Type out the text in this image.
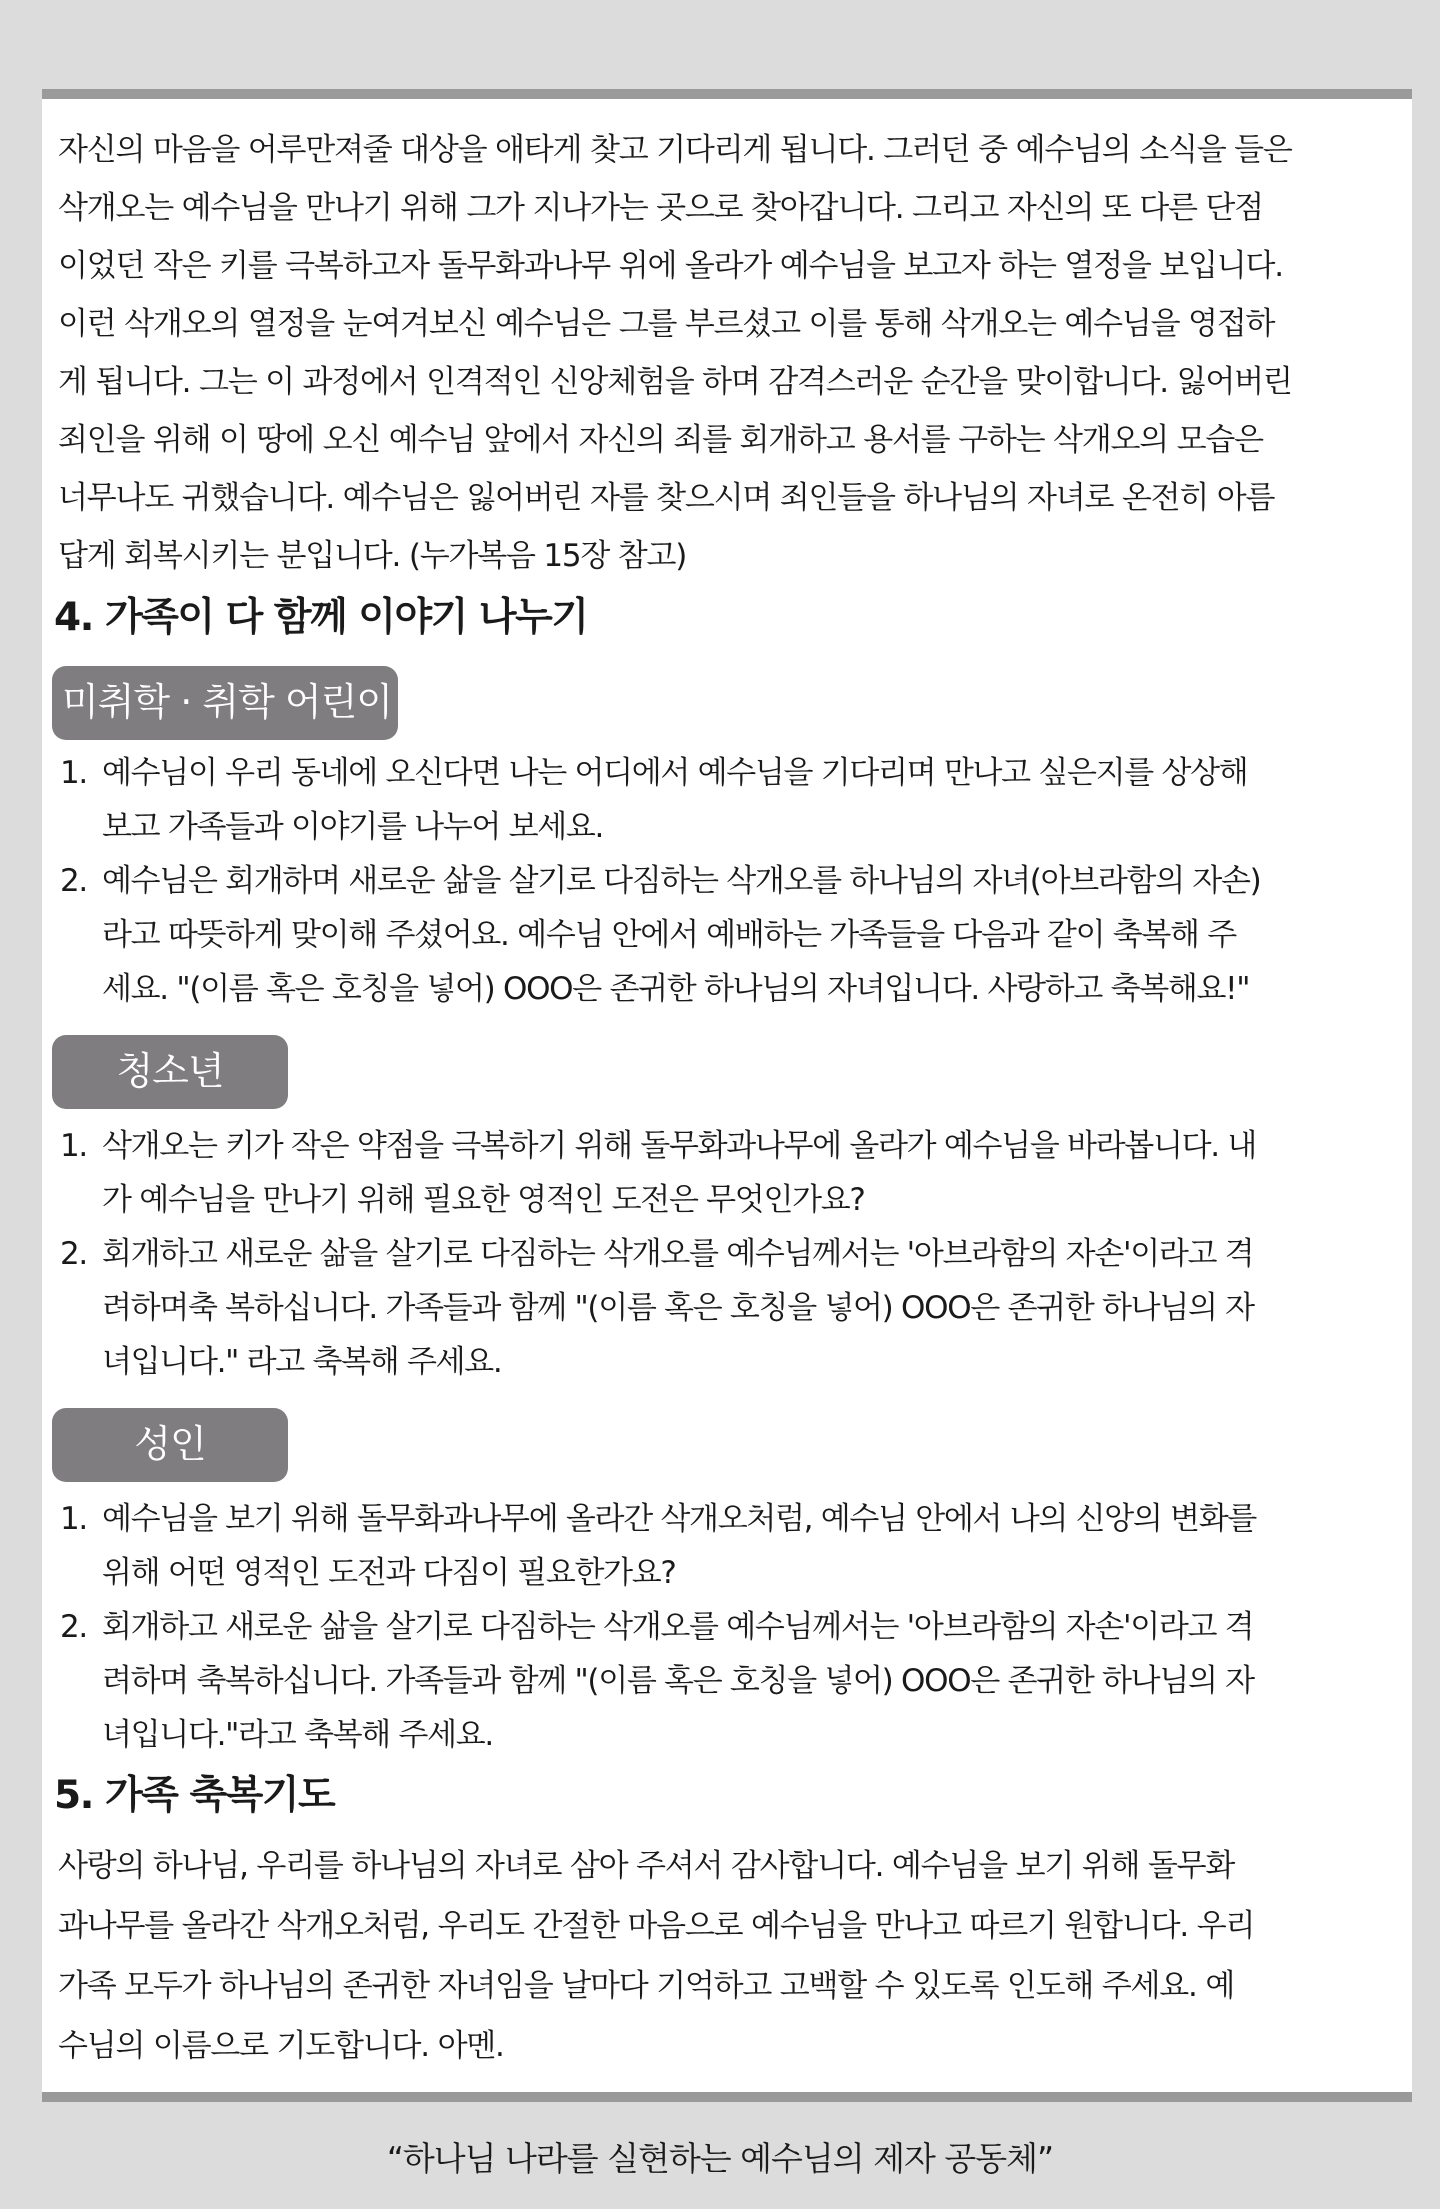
자신의 마음을 어루만져줄 대상을 애타게 찾고 기다리게 됩니다. 그러던 중 예수님의 소식을 들은

삭개오는 예수님을 만나기 위해 그가 지나가는 곳으로 찾아갑니다. 그리고 자신의 또 다른 단점

이었던 작은 키를 극복하고자 돌무화과나무 위에 올라가 예수님을 보고자 하는 열정을 보입니다.

이런 삭개오의 열정을 눈여겨보신 예수님은 그를 부르셨고 이를 통해 삭개오는 예수님을 영접하

게 됩니다. 그는 이 과정에서 인격적인 신앙체험을 하며 감격스러운 순간을 맞이합니다. 잃어버린

죄인을 위해 이 땅에 오신 예수님 앞에서 자신의 죄를 회개하고 용서를 구하는 삭개오의 모습은

너무나도 귀했습니다. 예수님은 잃어버린 자를 찾으시며 죄인들을 하나님의 자녀로 온전히 아름

답게 회복시키는 분입니다. (누가복음 15장 참고)

4. 가족이 다 함께 이야기 나누기
미취학 · 취학 어린이
1. 예수님이 우리 동네에 오신다면 나는 어디에서 예수님을 기다리며 만나고 싶은지를 상상해
보고 가족들과 이야기를 나누어 보세요.
2. 예수님은 회개하며 새로운 삶을 살기로 다짐하는 삭개오를 하나님의 자녀(아브라함의 자손)
라고 따뜻하게 맞이해 주셨어요. 예수님 안에서 예배하는 가족들을 다음과 같이 축복해 주
세요. "(이름 혹은 호칭을 넣어) OOO은 존귀한 하나님의 자녀입니다. 사랑하고 축복해요!"
청소년
1. 삭개오는 키가 작은 약점을 극복하기 위해 돌무화과나무에 올라가 예수님을 바라봅니다. 내
가 예수님을 만나기 위해 필요한 영적인 도전은 무엇인가요?
2. 회개하고 새로운 삶을 살기로 다짐하는 삭개오를 예수님께서는 '아브라함의 자손'이라고 격
려하며축 복하십니다. 가족들과 함께 "(이름 혹은 호칭을 넣어) OOO은 존귀한 하나님의 자
녀입니다." 라고 축복해 주세요.
성인
1. 예수님을 보기 위해 돌무화과나무에 올라간 삭개오처럼, 예수님 안에서 나의 신앙의 변화를
위해 어떤 영적인 도전과 다짐이 필요한가요?
2. 회개하고 새로운 삶을 살기로 다짐하는 삭개오를 예수님께서는 '아브라함의 자손'이라고 격
려하며 축복하십니다. 가족들과 함께 "(이름 혹은 호칭을 넣어) OOO은 존귀한 하나님의 자
녀입니다."라고 축복해 주세요.
5. 가족 축복기도

사랑의 하나님, 우리를 하나님의 자녀로 삼아 주셔서 감사합니다. 예수님을 보기 위해 돌무화

과나무를 올라간 삭개오처럼, 우리도 간절한 마음으로 예수님을 만나고 따르기 원합니다. 우리

가족 모두가 하나님의 존귀한 자녀임을 날마다 기억하고 고백할 수 있도록 인도해 주세요. 예

수님의 이름으로 기도합니다. 아멘.

“하나님 나라를 실현하는 예수님의 제자 공동체”
